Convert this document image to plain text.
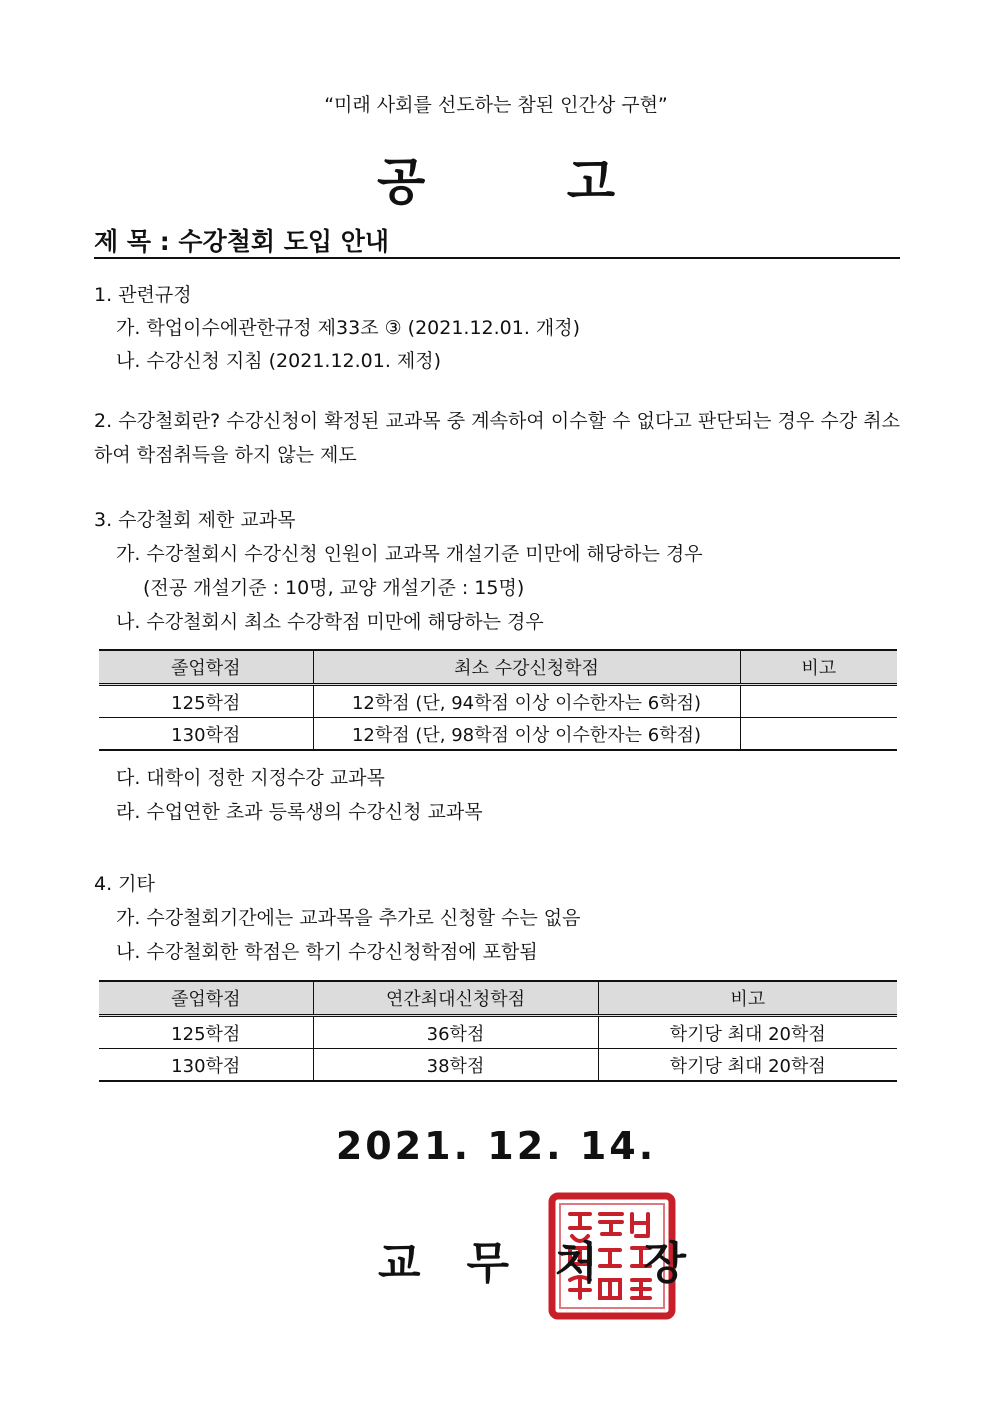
“미래 사회를 선도하는 참된 인간상 구현”
공 고
제 목 : 수강철회 도입 안내
1. 관련규정
가. 학업이수에관한규정 제33조 ③ (2021.12.01. 개정)
나. 수강신청 지침 (2021.12.01. 제정)
2. 수강철회란? 수강신청이 확정된 교과목 중 계속하여 이수할 수 없다고 판단되는 경우 수강 취소하여 학점취득을 하지 않는 제도
3. 수강철회 제한 교과목
가. 수강철회시 수강신청 인원이 교과목 개설기준 미만에 해당하는 경우
(전공 개설기준 : 10명, 교양 개설기준 : 15명)
나. 수강철회시 최소 수강학점 미만에 해당하는 경우
졸업학점	최소 수강신청학점	비고
125학점	12학점 (단, 94학점 이상 이수한자는 6학점)	
130학점	12학점 (단, 98학점 이상 이수한자는 6학점)	
다. 대학이 정한 지정수강 교과목
라. 수업연한 초과 등록생의 수강신청 교과목
4. 기타
가. 수강철회기간에는 교과목을 추가로 신청할 수는 없음
나. 수강철회한 학점은 학기 수강신청학점에 포함됨
졸업학점	연간최대신청학점	비고
125학점	36학점	학기당 최대 20학점
130학점	38학점	학기당 최대 20학점
2021. 12. 14.
교무처장
